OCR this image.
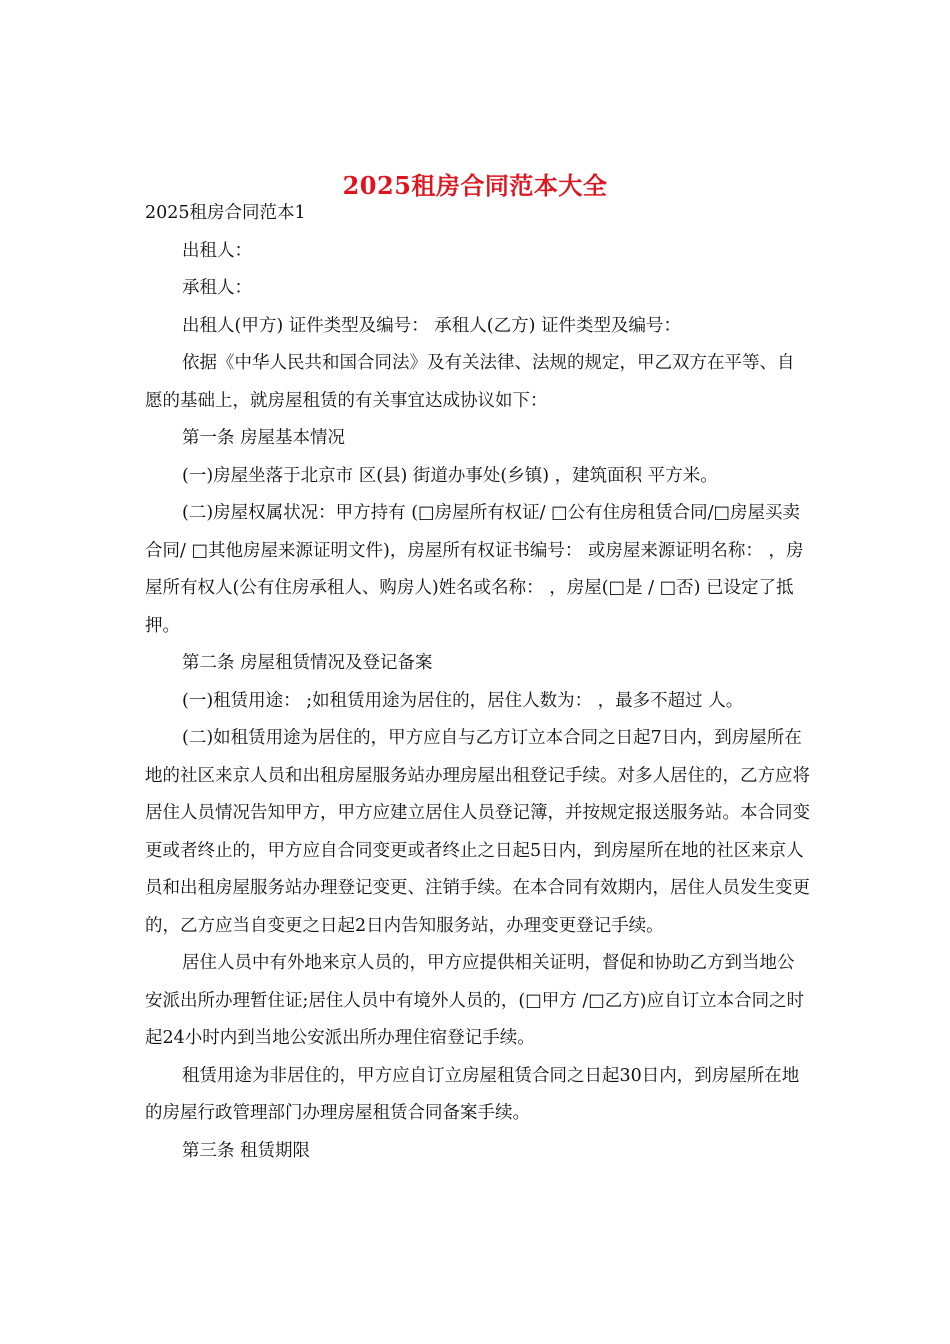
2025租房合同范本大全

2025租房合同范本1

出租人：

承租人：

出租人(甲方) 证件类型及编号： 承租人(乙方) 证件类型及编号：

依据《中华人民共和国合同法》及有关法律、法规的规定，甲乙双方在平等、自愿的基础上，就房屋租赁的有关事宜达成协议如下：

第一条 房屋基本情况

(一)房屋坐落于北京市 区(县) 街道办事处(乡镇) ，建筑面积 平方米。

(二)房屋权属状况：甲方持有 (□房屋所有权证/ □公有住房租赁合同/□房屋买卖合同/ □其他房屋来源证明文件)，房屋所有权证书编号： 或房屋来源证明名称： ，房屋所有权人(公有住房承租人、购房人)姓名或名称： ，房屋(□是 / □否) 已设定了抵押。

第二条 房屋租赁情况及登记备案

(一)租赁用途： ;如租赁用途为居住的，居住人数为： ，最多不超过 人。

(二)如租赁用途为居住的，甲方应自与乙方订立本合同之日起7日内，到房屋所在地的社区来京人员和出租房屋服务站办理房屋出租登记手续。对多人居住的，乙方应将居住人员情况告知甲方，甲方应建立居住人员登记簿，并按规定报送服务站。本合同变更或者终止的，甲方应自合同变更或者终止之日起5日内，到房屋所在地的社区来京人员和出租房屋服务站办理登记变更、注销手续。在本合同有效期内，居住人员发生变更的，乙方应当自变更之日起2日内告知服务站，办理变更登记手续。

居住人员中有外地来京人员的，甲方应提供相关证明，督促和协助乙方到当地公安派出所办理暂住证;居住人员中有境外人员的，(□甲方 /□乙方)应自订立本合同之时起24小时内到当地公安派出所办理住宿登记手续。

租赁用途为非居住的，甲方应自订立房屋租赁合同之日起30日内，到房屋所在地的房屋行政管理部门办理房屋租赁合同备案手续。

第三条 租赁期限
